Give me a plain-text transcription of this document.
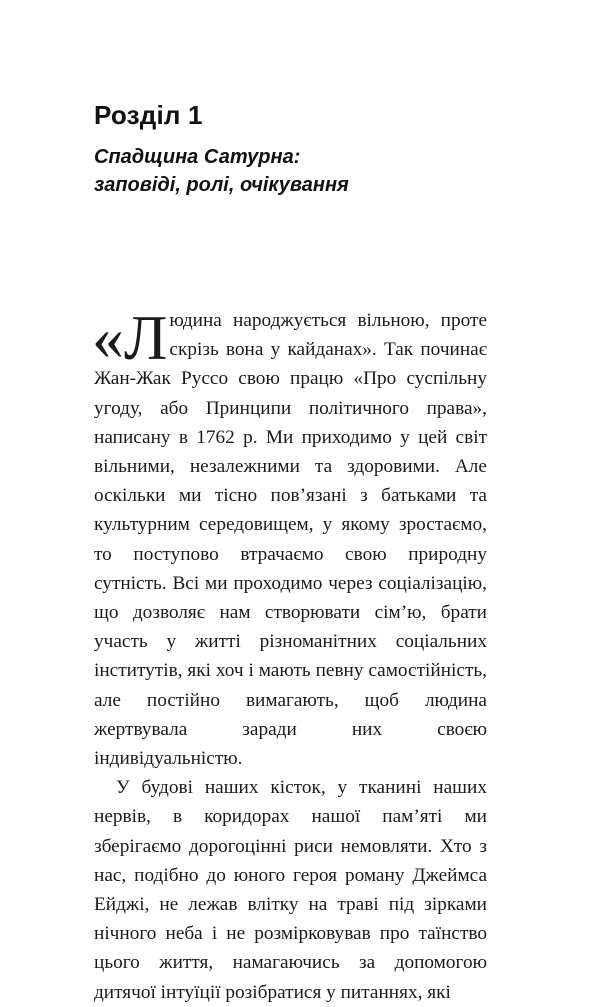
Розділ 1
Спадщина Сатурна:
заповіді, ролі, очікування

«Людина народжується вільною, проте скрізь вона у кайданах». Так починає Жан-Жак Руссо свою працю «Про суспільну угоду, або Принципи політичного права», написану в 1762 р. Ми приходимо у цей світ вільними, незалежними та здоровими. Але оскільки ми тісно пов’язані з батьками та культурним середовищем, у якому зростаємо, то поступово втрачаємо свою природну сутність. Всі ми проходимо через соціалізацію, що дозволяє нам створювати сім’ю, брати участь у житті різноманітних соціальних інститутів, які хоч і мають певну самостійність, але постійно вимагають, щоб людина жертвувала заради них своєю індивідуальністю.

У будові наших кісток, у тканині наших нервів, в коридорах нашої пам’яті ми зберігаємо дорогоцінні риси немовляти. Хто з нас, подібно до юного героя роману Джеймса Ейджі, не лежав влітку на траві під зірками нічного неба і не розмірковував про таїнство цього життя, намагаючись за допомогою дитячої інтуїції розібратися у питаннях, які
